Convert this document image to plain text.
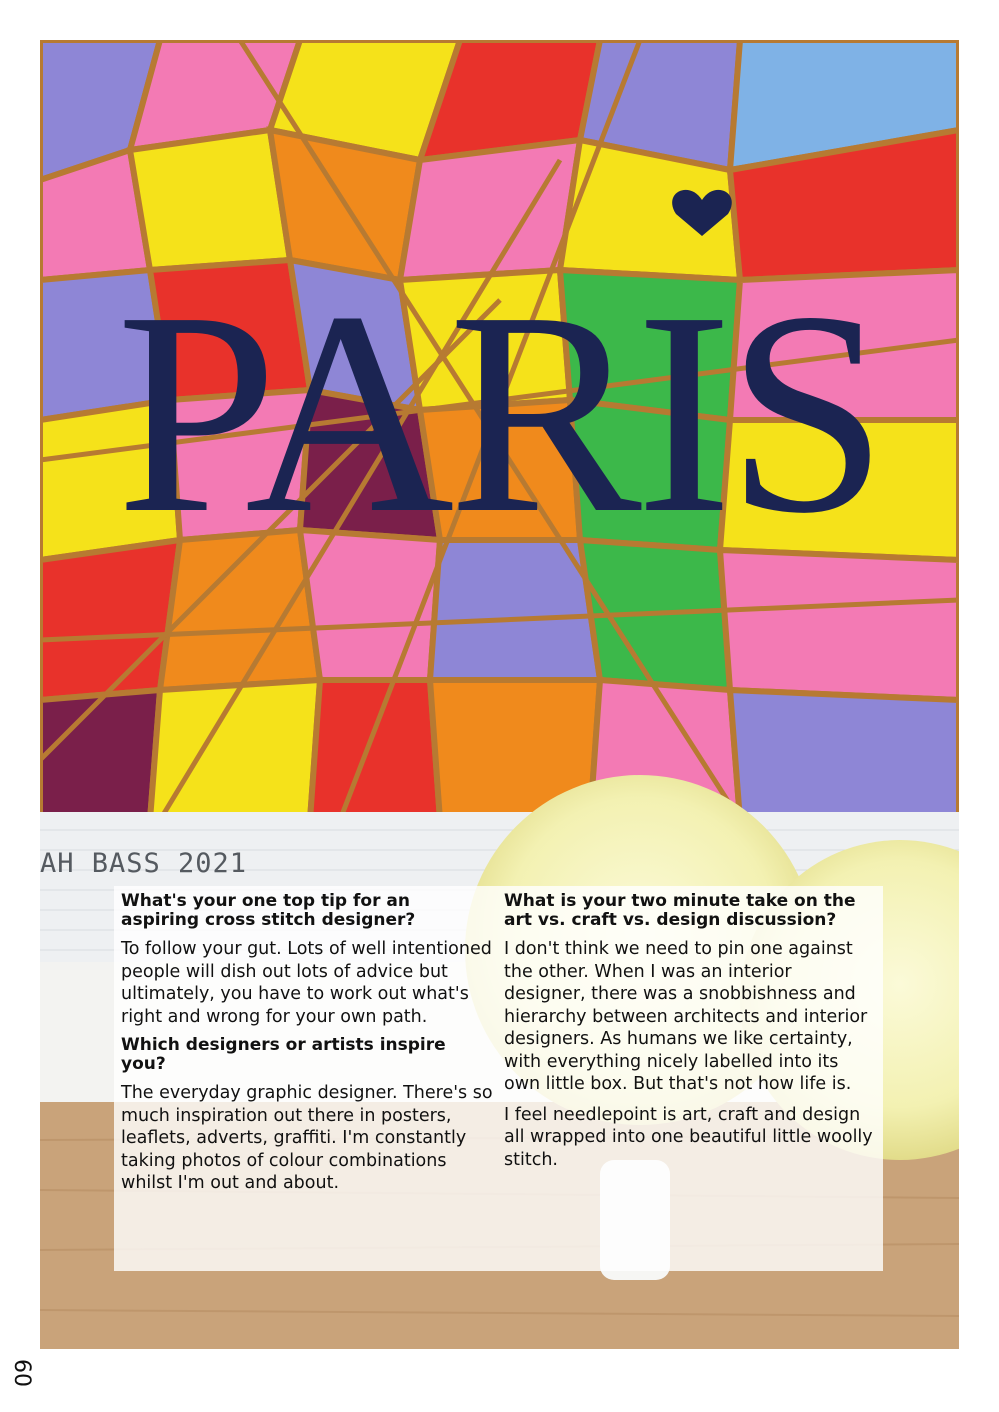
PARIS
AH BASS 2021

What's your one top tip for an aspiring cross stitch designer?

To follow your gut. Lots of well intentioned people will dish out lots of advice but ultimately, you have to work out what's right and wrong for your own path.

Which designers or artists inspire you?

The everyday graphic designer. There's so much inspiration out there in posters, leaflets, adverts, graffiti. I'm constantly taking photos of colour combinations whilst I'm out and about.

What is your two minute take on the art vs. craft vs. design discussion?

I don't think we need to pin one against the other. When I was an interior designer, there was a snobbishness and hierarchy between architects and interior designers. As humans we like certainty, with everything nicely labelled into its own little box. But that's not how life is.

I feel needlepoint is art, craft and design all wrapped into one beautiful little woolly stitch.

60
